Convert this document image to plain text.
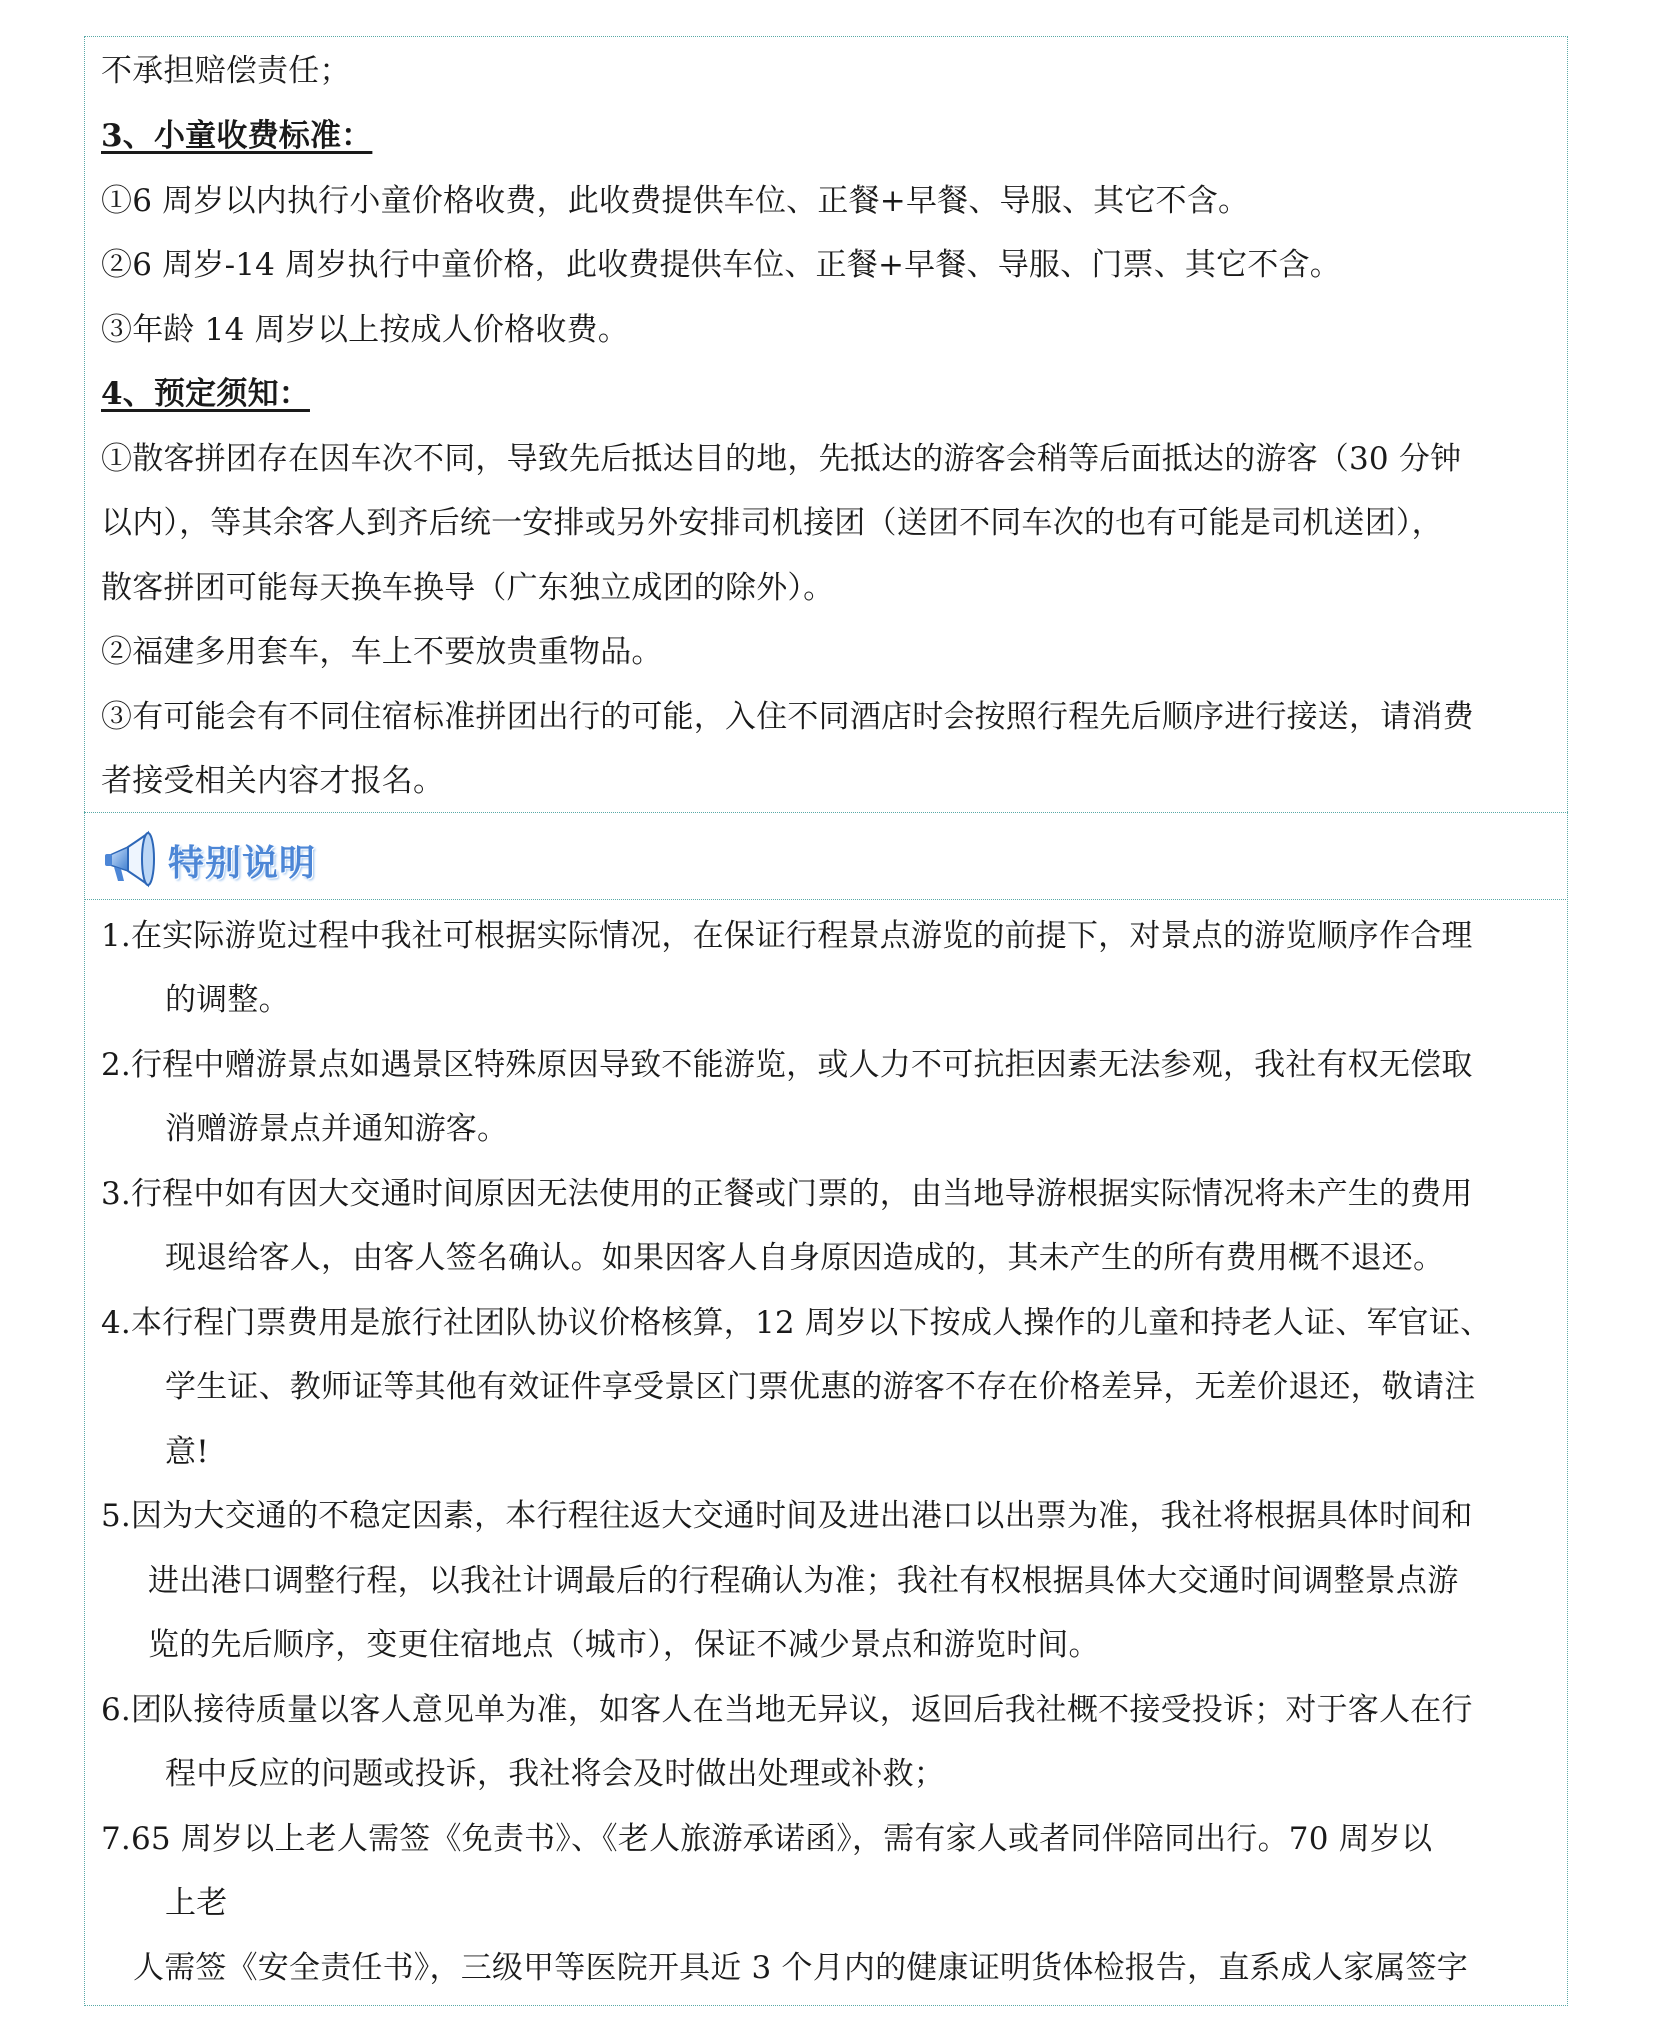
不承担赔偿责任；
3、小童收费标准：
①6 周岁以内执行小童价格收费，此收费提供车位、正餐+早餐、导服、其它不含。
②6 周岁-14 周岁执行中童价格，此收费提供车位、正餐+早餐、导服、门票、其它不含。
③年龄 14 周岁以上按成人价格收费。
4、预定须知：
①散客拼团存在因车次不同，导致先后抵达目的地，先抵达的游客会稍等后面抵达的游客（30 分钟
以内），等其余客人到齐后统一安排或另外安排司机接团（送团不同车次的也有可能是司机送团），
散客拼团可能每天换车换导（广东独立成团的除外）。
②福建多用套车，车上不要放贵重物品。
③有可能会有不同住宿标准拼团出行的可能，入住不同酒店时会按照行程先后顺序进行接送，请消费
者接受相关内容才报名。
特别说明
1.在实际游览过程中我社可根据实际情况，在保证行程景点游览的前提下，对景点的游览顺序作合理
的调整。
2.行程中赠游景点如遇景区特殊原因导致不能游览，或人力不可抗拒因素无法参观，我社有权无偿取
消赠游景点并通知游客。
3.行程中如有因大交通时间原因无法使用的正餐或门票的，由当地导游根据实际情况将未产生的费用
现退给客人，由客人签名确认。如果因客人自身原因造成的，其未产生的所有费用概不退还。
4.本行程门票费用是旅行社团队协议价格核算，12 周岁以下按成人操作的儿童和持老人证、军官证、
学生证、教师证等其他有效证件享受景区门票优惠的游客不存在价格差异，无差价退还，敬请注
意!
5.因为大交通的不稳定因素，本行程往返大交通时间及进出港口以出票为准，我社将根据具体时间和
进出港口调整行程，以我社计调最后的行程确认为准；我社有权根据具体大交通时间调整景点游
览的先后顺序，变更住宿地点（城市），保证不减少景点和游览时间。
6.团队接待质量以客人意见单为准，如客人在当地无异议，返回后我社概不接受投诉；对于客人在行
程中反应的问题或投诉，我社将会及时做出处理或补救；
7.65 周岁以上老人需签《免责书》、《老人旅游承诺函》，需有家人或者同伴陪同出行。70 周岁以
上老
人需签《安全责任书》，三级甲等医院开具近 3 个月内的健康证明货体检报告，直系成人家属签字
